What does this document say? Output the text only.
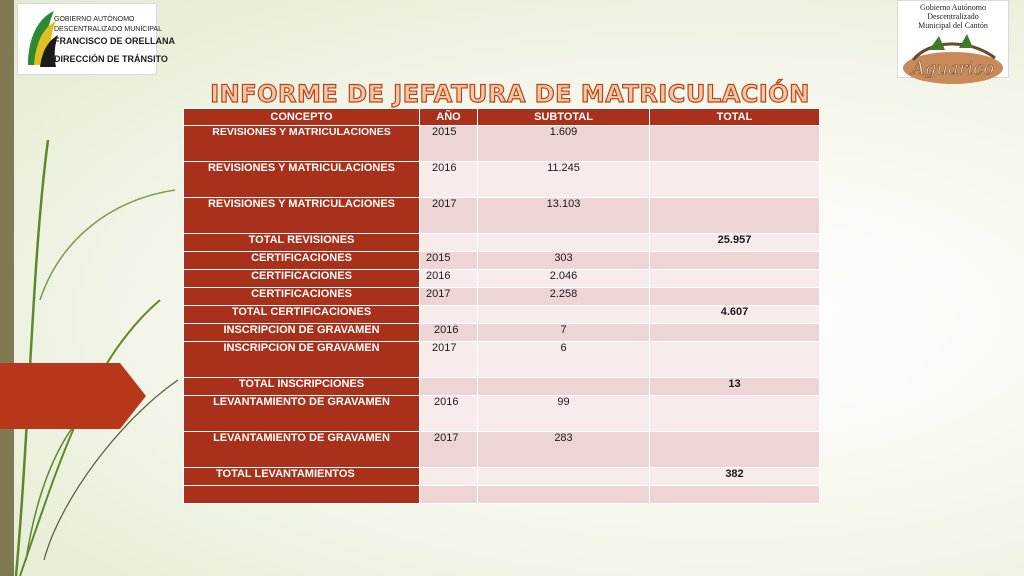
GOBIERNO AUTÓNOMO
DESCENTRALIZADO MUNICIPAL
FRANCISCO DE ORELLANA
DIRECCIÓN DE TRÁNSITO
Gobierno Autónomo Descentralizado
Municipal del Cantón
Aguarico
INFORME DE JEFATURA DE MATRICULACIÓN
CONCEPTO	AÑO	SUBTOTAL	TOTAL
REVISIONES Y MATRICULACIONES	2015	1.609	
REVISIONES Y MATRICULACIONES	2016	11.245	
REVISIONES Y MATRICULACIONES	2017	13.103	
TOTAL REVISIONES			25.957
CERTIFICACIONES	2015	303	
CERTIFICACIONES	2016	2.046	
CERTIFICACIONES	2017	2.258	
TOTAL CERTIFICACIONES			4.607
INSCRIPCION DE GRAVAMEN	2016	7	
INSCRIPCION DE GRAVAMEN	2017	6	
TOTAL INSCRIPCIONES			13
LEVANTAMIENTO DE GRAVAMEN	2016	99	
LEVANTAMIENTO DE GRAVAMEN	2017	283	
TOTAL LEVANTAMIENTOS			382
